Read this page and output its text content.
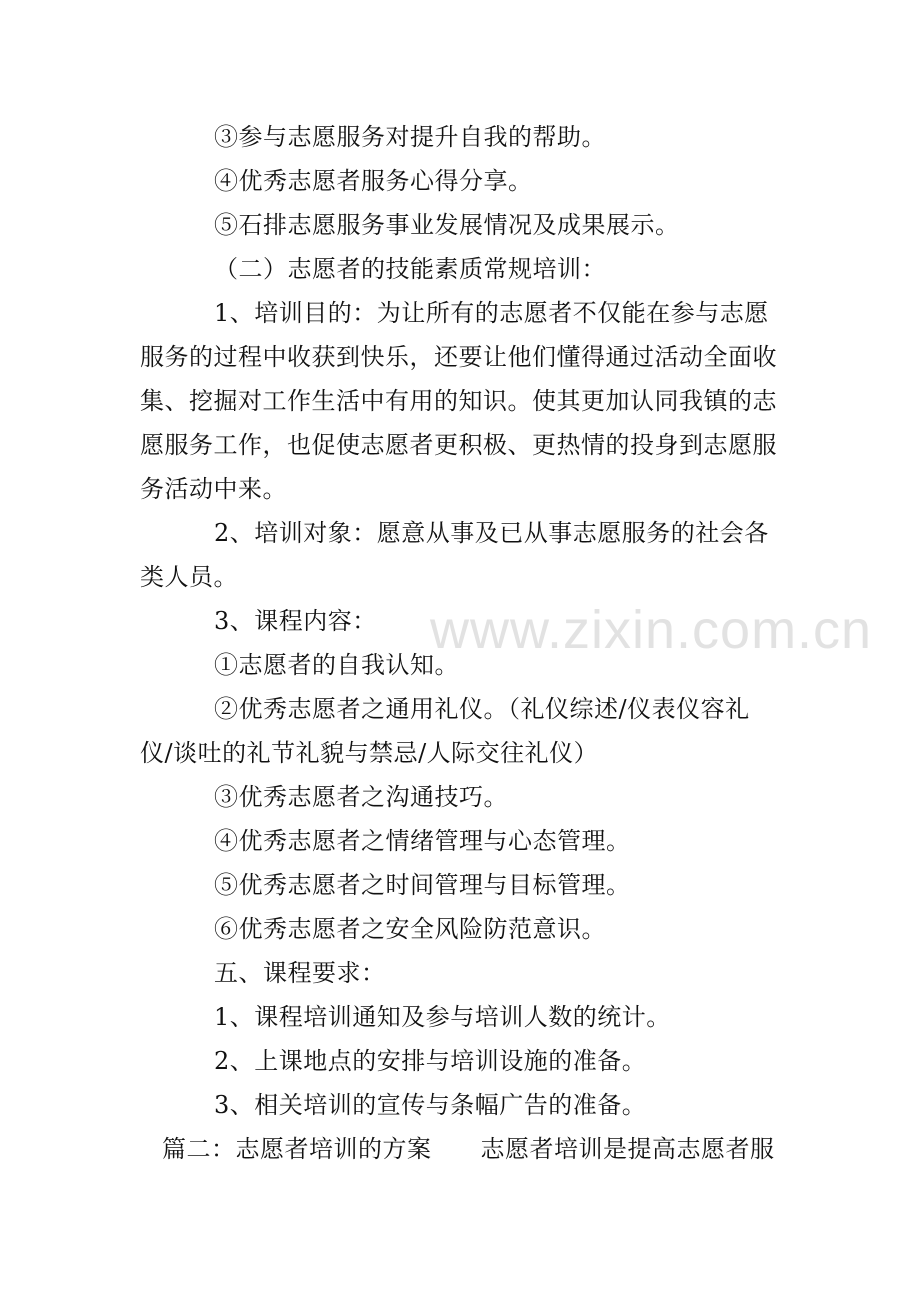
www.zixin.com.cn
③参与志愿服务对提升自我的帮助。
④优秀志愿者服务心得分享。
⑤石排志愿服务事业发展情况及成果展示。
（二）志愿者的技能素质常规培训：
1、培训目的：为让所有的志愿者不仅能在参与志愿
服务的过程中收获到快乐，还要让他们懂得通过活动全面收
集、挖掘对工作生活中有用的知识。使其更加认同我镇的志
愿服务工作，也促使志愿者更积极、更热情的投身到志愿服
务活动中来。
2、培训对象：愿意从事及已从事志愿服务的社会各
类人员。
3、课程内容：
①志愿者的自我认知。
②优秀志愿者之通用礼仪。（礼仪综述/仪表仪容礼
仪/谈吐的礼节礼貌与禁忌/人际交往礼仪）
③优秀志愿者之沟通技巧。
④优秀志愿者之情绪管理与心态管理。
⑤优秀志愿者之时间管理与目标管理。
⑥优秀志愿者之安全风险防范意识。
五、课程要求：
1、课程培训通知及参与培训人数的统计。
2、上课地点的安排与培训设施的准备。
3、相关培训的宣传与条幅广告的准备。
篇二：志愿者培训的方案　　志愿者培训是提高志愿者服
